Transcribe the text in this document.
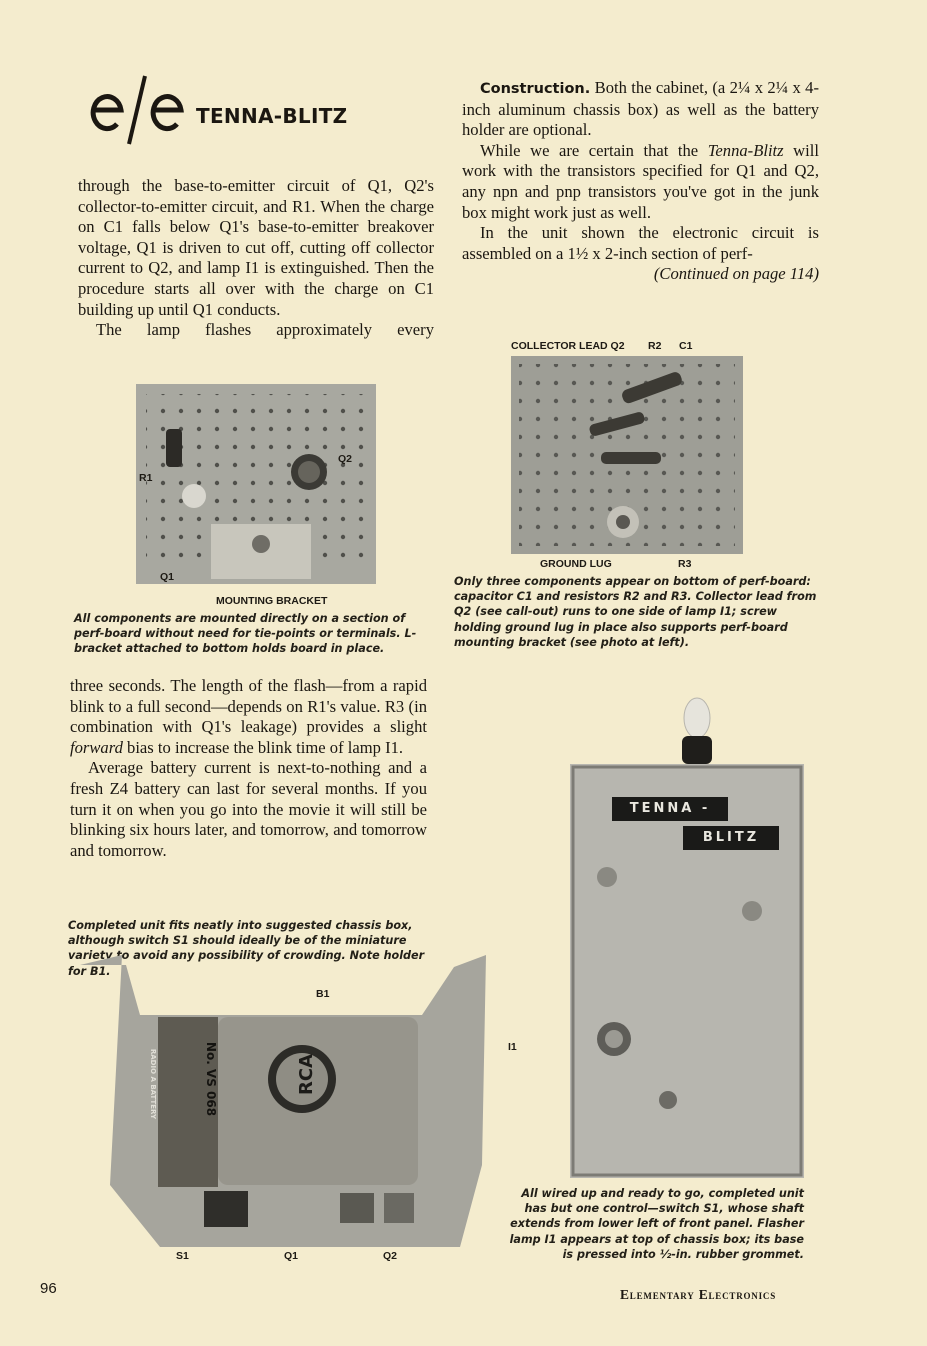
TENNA-BLITZ

through the base-to-emitter circuit of Q1, Q2's collector-to-emitter circuit, and R1. When the charge on C1 falls below Q1's base-to-emitter breakover voltage, Q1 is driven to cut off, cutting off collector current to Q2, and lamp I1 is extinguished. Then the procedure starts all over with the charge on C1 building up until Q1 conducts.

The lamp flashes approximately every

Construction. Both the cabinet, (a 2¼ x 2¼ x 4-inch aluminum chassis box) as well as the battery holder are optional.

While we are certain that the Tenna-Blitz will work with the transistors specified for Q1 and Q2, any npn and pnp transistors you've got in the junk box might work just as well.

In the unit shown the electronic circuit is assembled on a 1½ x 2-inch section of perf-

(Continued on page 114)
R1
Q2
Q1
MOUNTING BRACKET
All components are mounted directly on a section of perf-board without need for tie-points or terminals. L-bracket attached to bottom holds board in place.
COLLECTOR LEAD Q2 R2 C1
GROUND LUG	R3
Only three components appear on bottom of perf-board: capacitor C1 and resistors R2 and R3. Collector lead from Q2 (see call-out) runs to one side of lamp I1; screw holding ground lug in place also supports perf-board mounting bracket (see photo at left).

three seconds. The length of the flash—from a rapid blink to a full second—depends on R1's value. R3 (in combination with Q1's leakage) provides a slight forward bias to increase the blink time of lamp I1.

Average battery current is next-to-nothing and a fresh Z4 battery can last for several months. If you turn it on when you go into the movie it will still be blinking six hours later, and tomorrow, and tomorrow and tomorrow.

TENNA -
BLITZ
All wired up and ready to go, completed unit has but one control—switch S1, whose shaft extends from lower left of front panel. Flasher lamp I1 appears at top of chassis box; its base is pressed into ½-in. rubber grommet.
Completed unit fits neatly into suggested chassis box, although switch S1 should ideally be of the miniature variety to avoid any possibility of crowding. Note holder for B1.
B1
RCA
No. VS 068
RADIO A BATTERY
I1
S1	Q1	Q2
96	Elementary Electronics
